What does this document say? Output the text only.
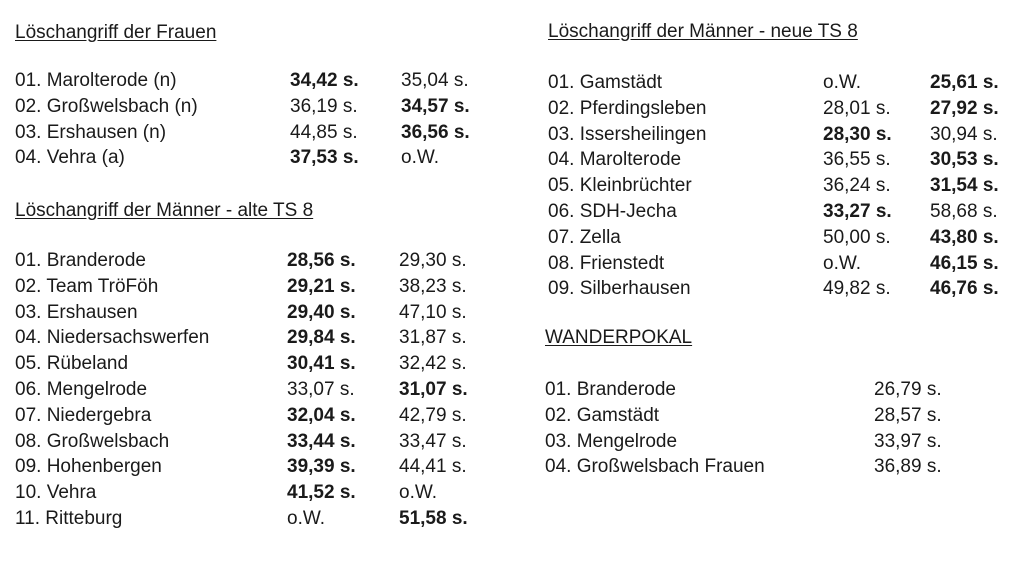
Löschangriff der Frauen
01. Marolterode (n)	34,42 s. 35,04 s.
02. Großwelsbach (n)	36,19 s. 34,57 s.
03. Ershausen (n)	44,85 s. 36,56 s.
04. Vehra (a)	37,53 s. o.W.
Löschangriff der Männer - alte TS 8
01. Branderode	28,56 s. 29,30 s.
02. Team TröFöh	29,21 s. 38,23 s.
03. Ershausen	29,40 s. 47,10 s.
04. Niedersachswerfen	29,84 s. 31,87 s.
05. Rübeland	30,41 s. 32,42 s.
06. Mengelrode	33,07 s. 31,07 s.
07. Niedergebra	32,04 s. 42,79 s.
08. Großwelsbach	33,44 s. 33,47 s.
09. Hohenbergen	39,39 s. 44,41 s.
10. Vehra	41,52 s. o.W.
11. Ritteburg	o.W.	51,58 s.
Löschangriff der Männer - neue TS 8
01. Gamstädt	o.W.	25,61 s.
02. Pferdingsleben	28,01 s. 27,92 s.
03. Issersheilingen	28,30 s. 30,94 s.
04. Marolterode	36,55 s. 30,53 s.
05. Kleinbrüchter	36,24 s. 31,54 s.
06. SDH-Jecha	33,27 s. 58,68 s.
07. Zella	50,00 s. 43,80 s.
08. Frienstedt	o.W.	46,15 s.
09. Silberhausen	49,82 s. 46,76 s.
WANDERPOKAL
01. Branderode	26,79 s.
02. Gamstädt	28,57 s.
03. Mengelrode	33,97 s.
04. Großwelsbach Frauen	36,89 s.
